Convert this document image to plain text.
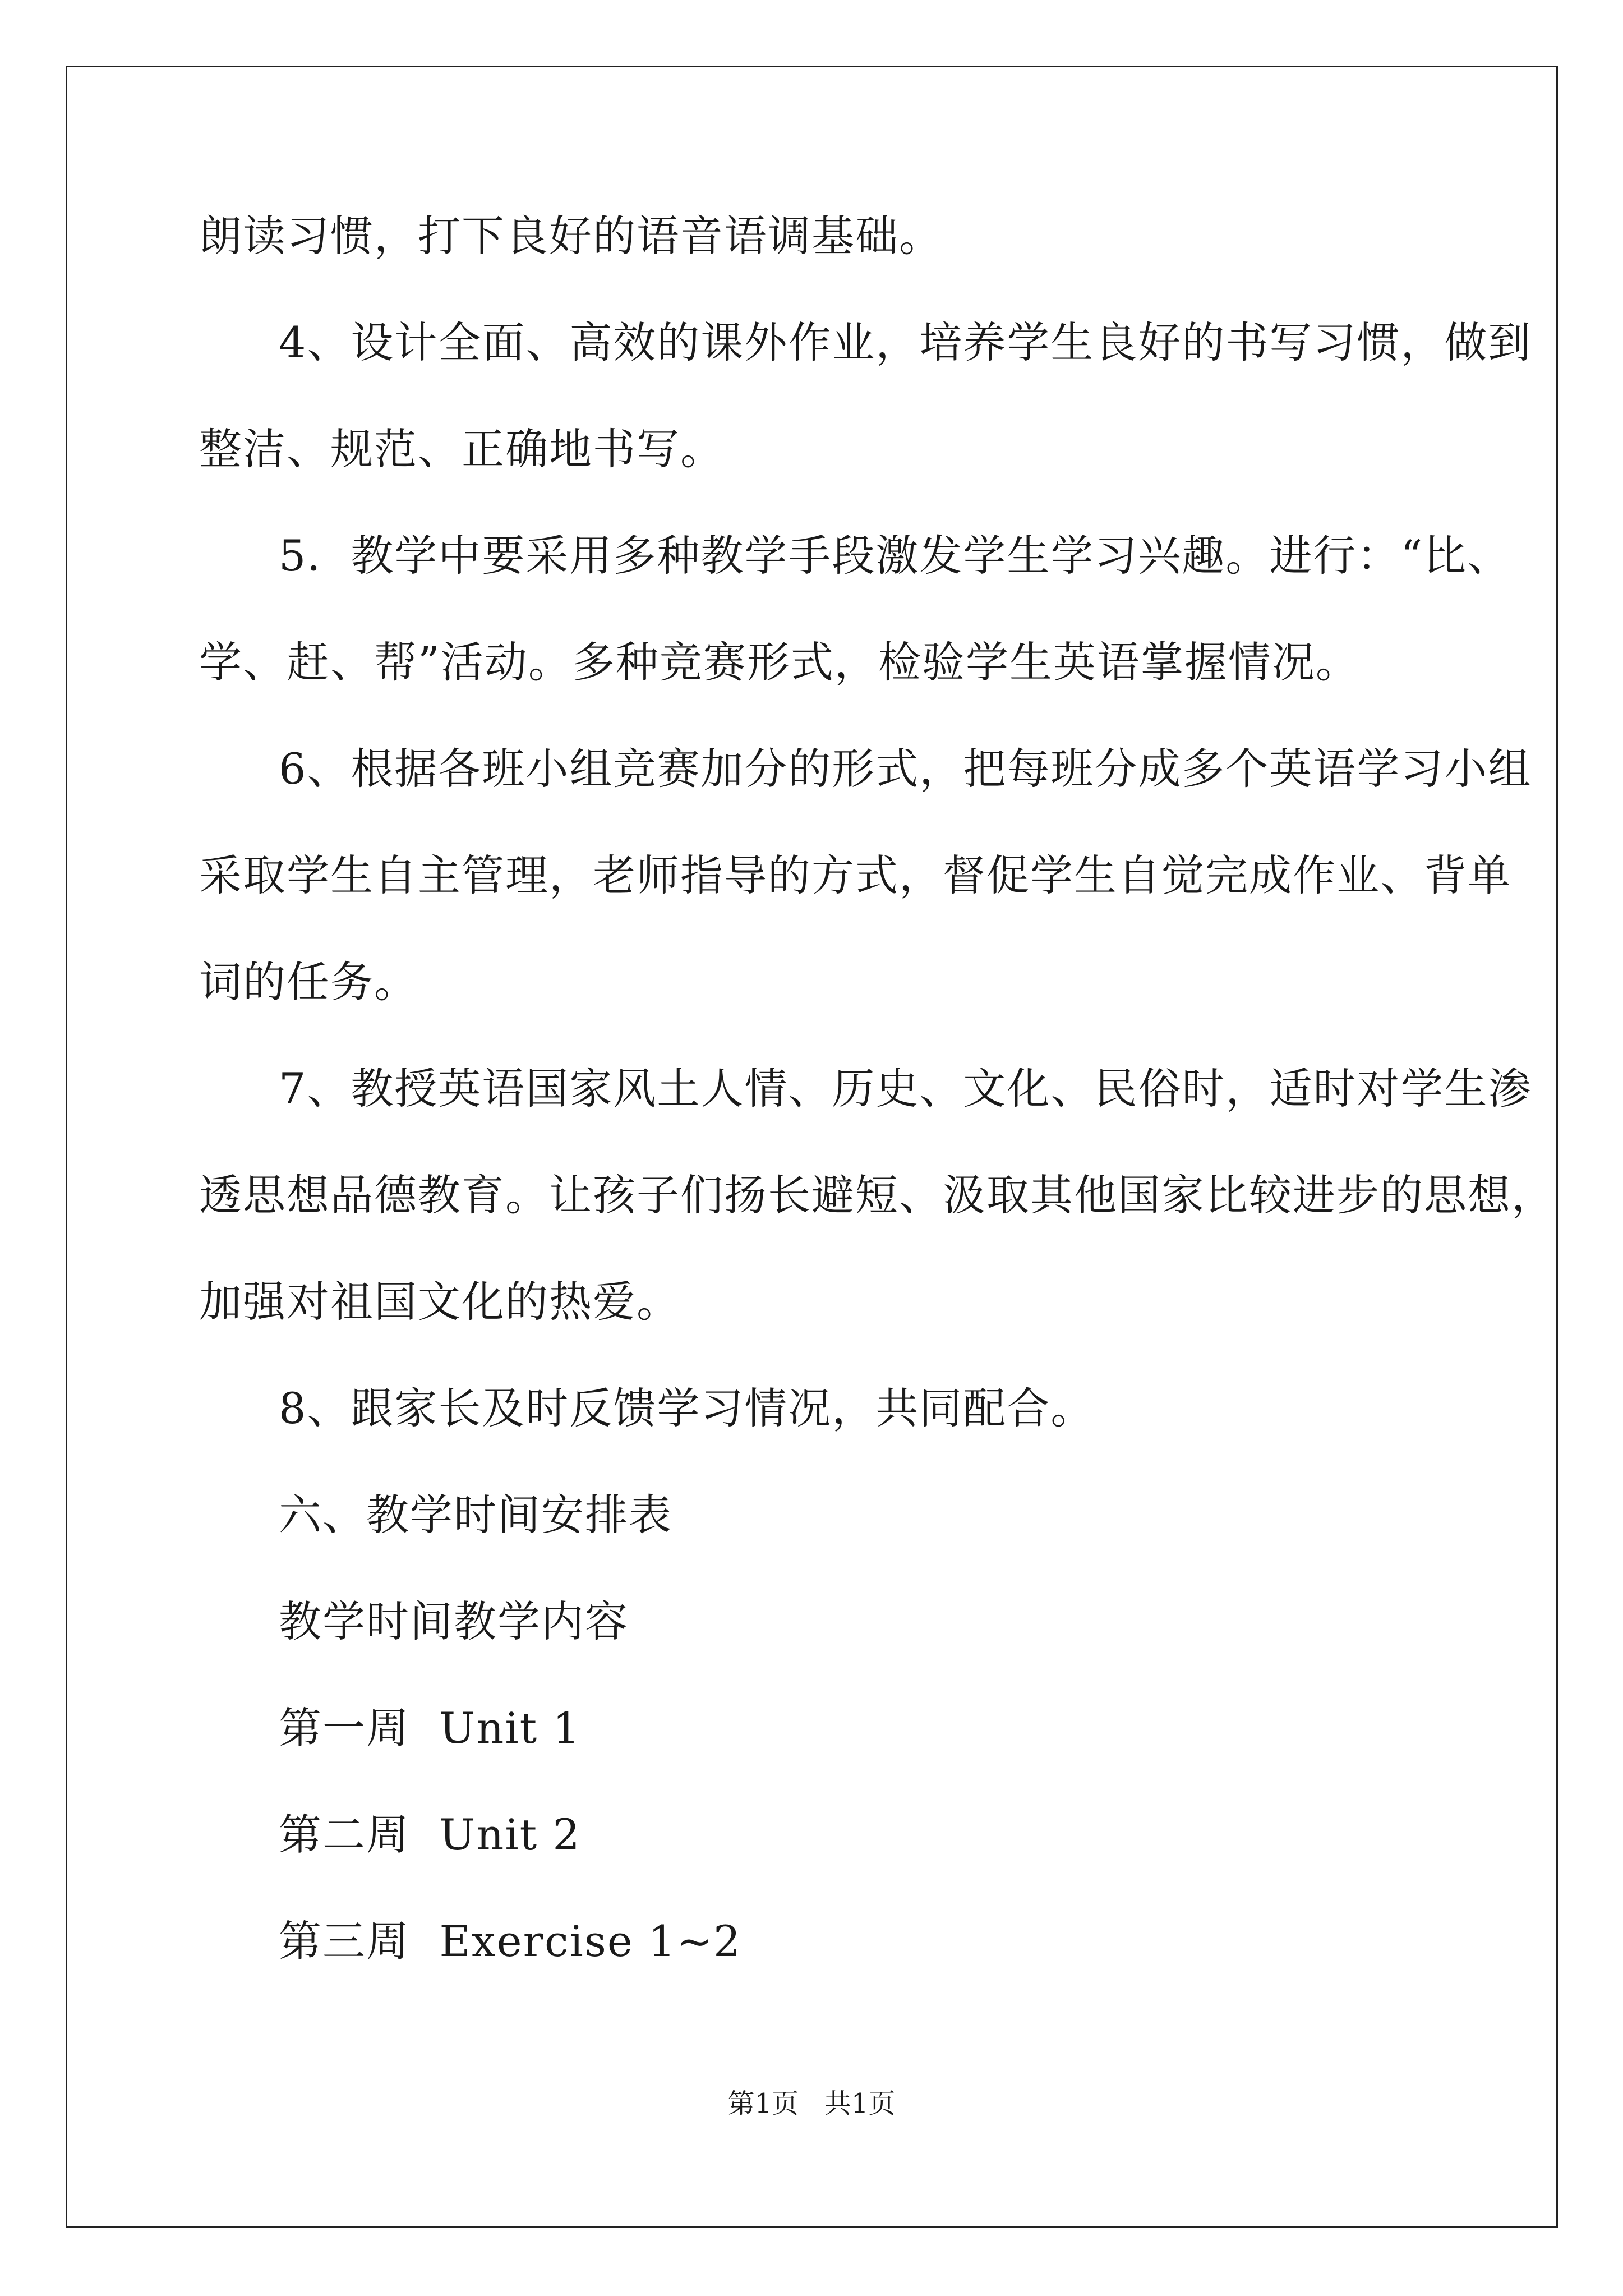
朗读习惯，打下良好的语音语调基础。

4、设计全面、高效的课外作业，培养学生良好的书写习惯，做到

整洁、规范、正确地书写。

5．教学中要采用多种教学手段激发学生学习兴趣。进行：“比、

学、赶、帮”活动。多种竞赛形式，检验学生英语掌握情况。

6、根据各班小组竞赛加分的形式，把每班分成多个英语学习小组

采取学生自主管理，老师指导的方式，督促学生自觉完成作业、背单

词的任务。

7、教授英语国家风土人情、历史、文化、民俗时，适时对学生渗

透思想品德教育。让孩子们扬长避短、汲取其他国家比较进步的思想，

加强对祖国文化的热爱。

8、跟家长及时反馈学习情况，共同配合。

六、教学时间安排表

教学时间教学内容

第一周  Unit 1

第二周  Unit 2

第三周  Exercise 1~2

第1页   共1页
